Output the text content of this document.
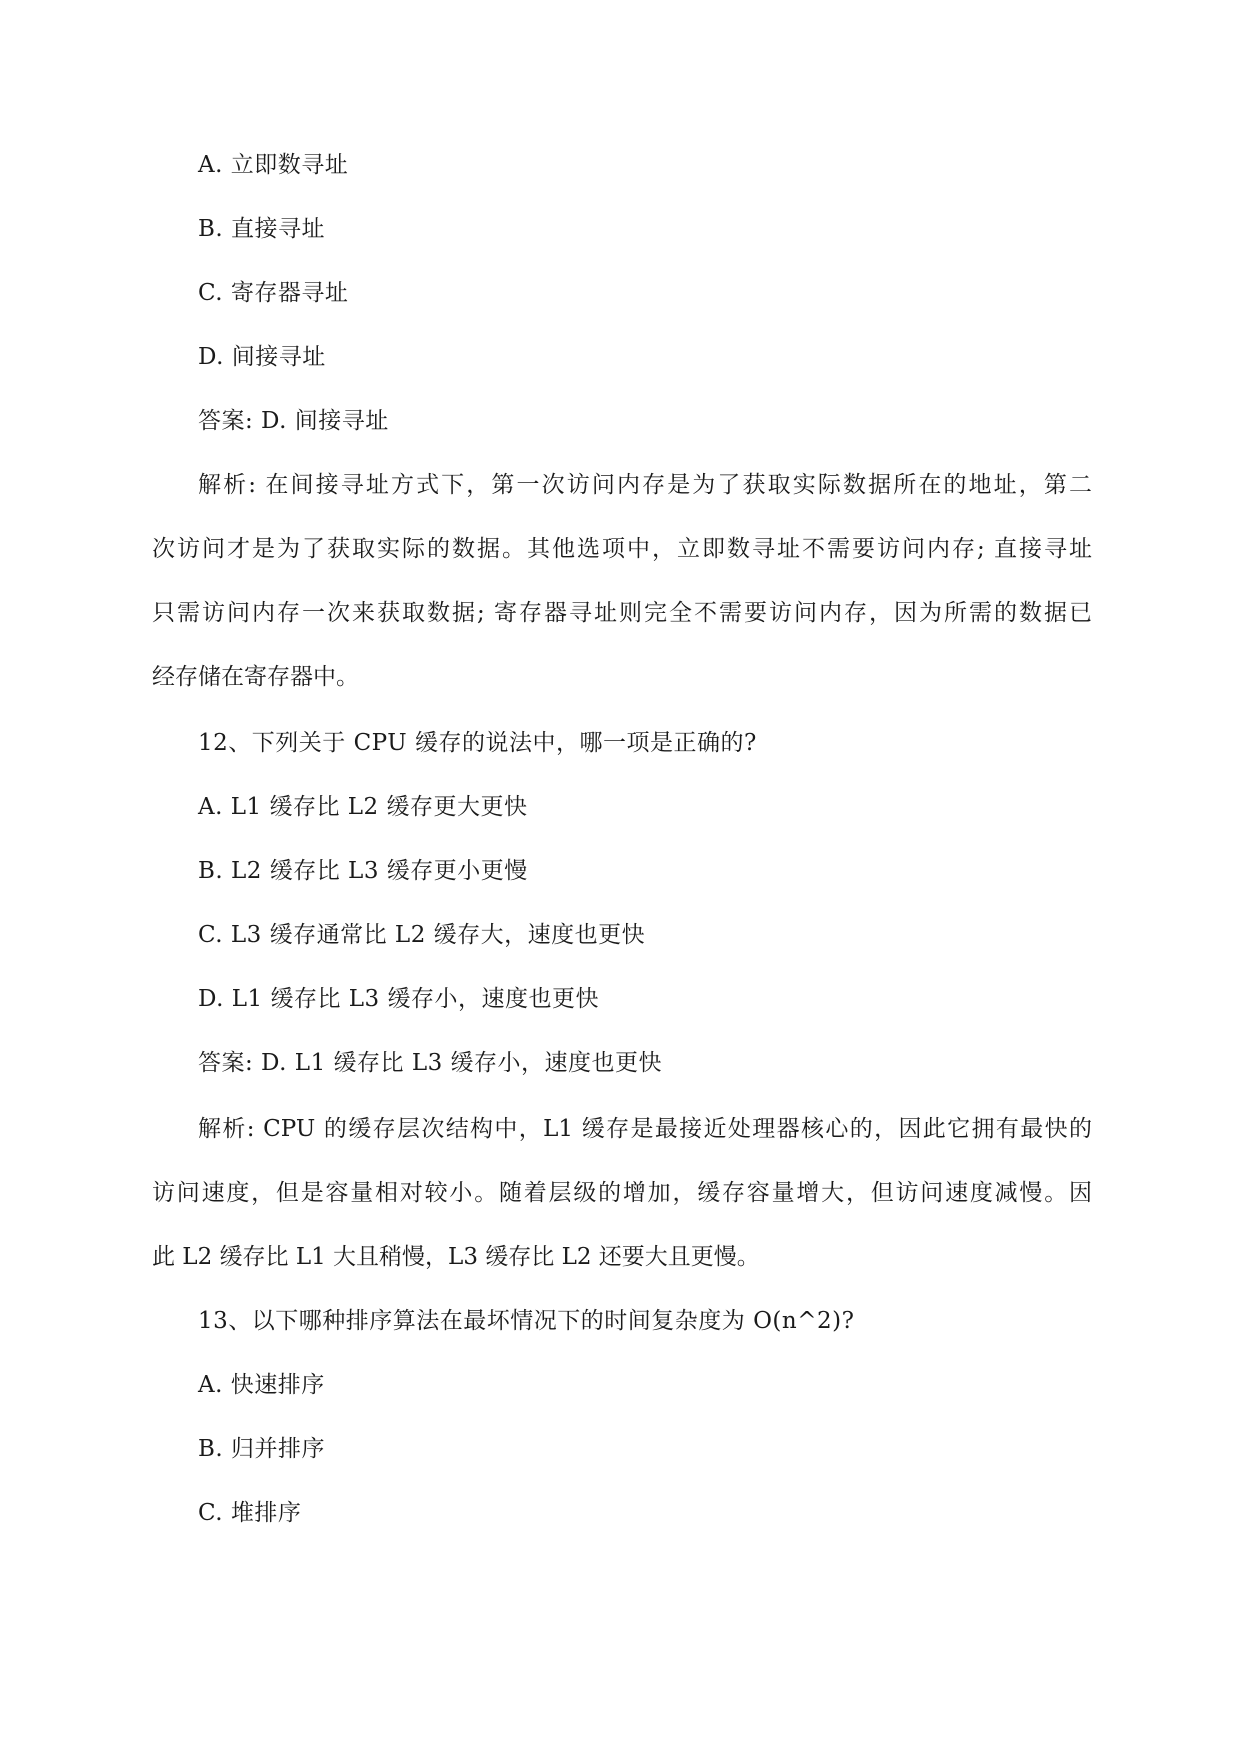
A. 立即数寻址
B. 直接寻址
C. 寄存器寻址
D. 间接寻址
答案: D. 间接寻址
解析: 在间接寻址方式下，第一次访问内存是为了获取实际数据所在的地址，第二
次访问才是为了获取实际的数据。其他选项中，立即数寻址不需要访问内存; 直接寻址
只需访问内存一次来获取数据; 寄存器寻址则完全不需要访问内存，因为所需的数据已
经存储在寄存器中。
12、下列关于 CPU 缓存的说法中，哪一项是正确的?
A. L1 缓存比 L2 缓存更大更快
B. L2 缓存比 L3 缓存更小更慢
C. L3 缓存通常比 L2 缓存大，速度也更快
D. L1 缓存比 L3 缓存小，速度也更快
答案: D. L1 缓存比 L3 缓存小，速度也更快
解析: CPU 的缓存层次结构中，L1 缓存是最接近处理器核心的，因此它拥有最快的
访问速度，但是容量相对较小。随着层级的增加，缓存容量增大，但访问速度减慢。因
此 L2 缓存比 L1 大且稍慢，L3 缓存比 L2 还要大且更慢。
13、以下哪种排序算法在最坏情况下的时间复杂度为 O(n^2)?
A. 快速排序
B. 归并排序
C. 堆排序
